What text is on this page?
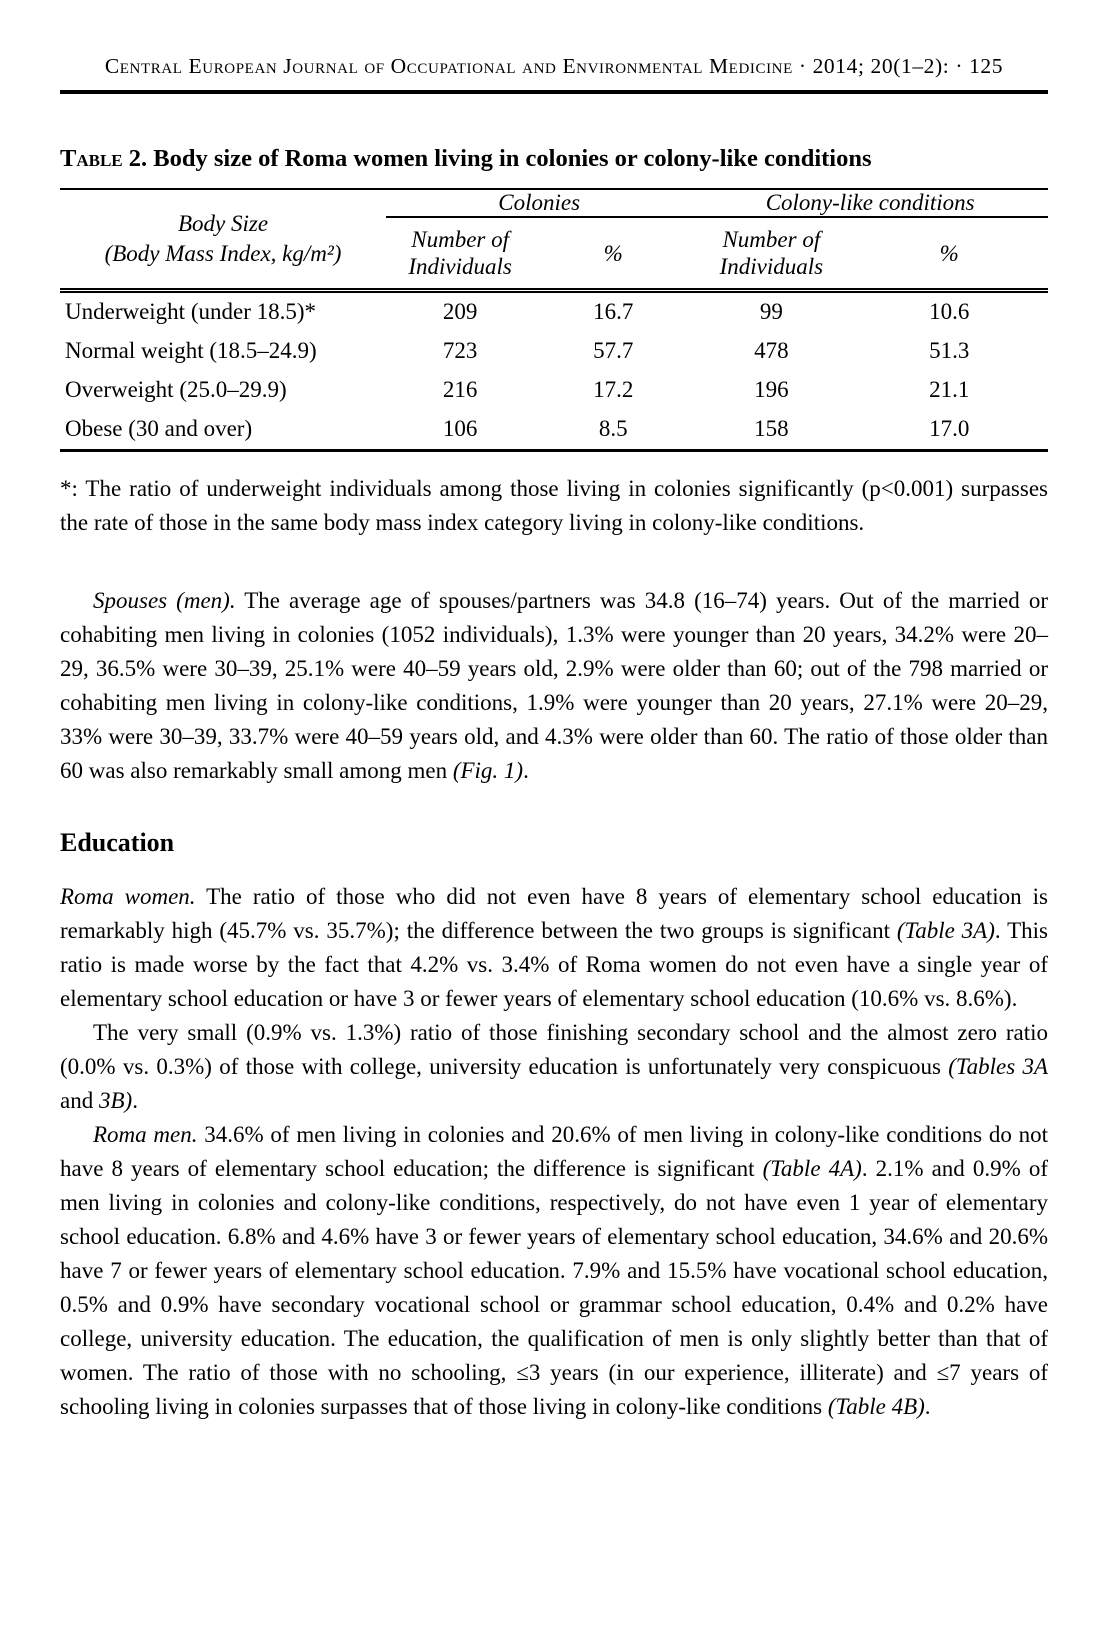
Central European Journal of Occupational and Environmental Medicine · 2014; 20(1–2): · 125
Table 2. Body size of Roma women living in colonies or colony-like conditions
Body Size
(Body Mass Index, kg/m²)	Colonies		Colony-like conditions	
	Number of Individuals	%	Number of Individuals	%
Underweight (under 18.5)*	209	16.7	99	10.6
Normal weight (18.5–24.9)	723	57.7	478	51.3
Overweight (25.0–29.9)	216	17.2	196	21.1
Obese (30 and over)	106	8.5	158	17.0

*: The ratio of underweight individuals among those living in colonies significantly (p<0.001) surpasses the rate of those in the same body mass index category living in colony-like conditions.

Spouses (men). The average age of spouses/partners was 34.8 (16–74) years. Out of the married or cohabiting men living in colonies (1052 individuals), 1.3% were younger than 20 years, 34.2% were 20–29, 36.5% were 30–39, 25.1% were 40–59 years old, 2.9% were older than 60; out of the 798 married or cohabiting men living in colony-like conditions, 1.9% were younger than 20 years, 27.1% were 20–29, 33% were 30–39, 33.7% were 40–59 years old, and 4.3% were older than 60. The ratio of those older than 60 was also remarkably small among men (Fig. 1).

Education

Roma women. The ratio of those who did not even have 8 years of elementary school education is remarkably high (45.7% vs. 35.7%); the difference between the two groups is significant (Table 3A). This ratio is made worse by the fact that 4.2% vs. 3.4% of Roma women do not even have a single year of elementary school education or have 3 or fewer years of elementary school education (10.6% vs. 8.6%).

The very small (0.9% vs. 1.3%) ratio of those finishing secondary school and the almost zero ratio (0.0% vs. 0.3%) of those with college, university education is unfortunately very conspicuous (Tables 3A and 3B).

Roma men. 34.6% of men living in colonies and 20.6% of men living in colony-like conditions do not have 8 years of elementary school education; the difference is significant (Table 4A). 2.1% and 0.9% of men living in colonies and colony-like conditions, respectively, do not have even 1 year of elementary school education. 6.8% and 4.6% have 3 or fewer years of elementary school education, 34.6% and 20.6% have 7 or fewer years of elementary school education. 7.9% and 15.5% have vocational school education, 0.5% and 0.9% have secondary vocational school or grammar school education, 0.4% and 0.2% have college, university education. The education, the qualification of men is only slightly better than that of women. The ratio of those with no schooling, ≤3 years (in our experience, illiterate) and ≤7 years of schooling living in colonies surpasses that of those living in colony-like conditions (Table 4B).
